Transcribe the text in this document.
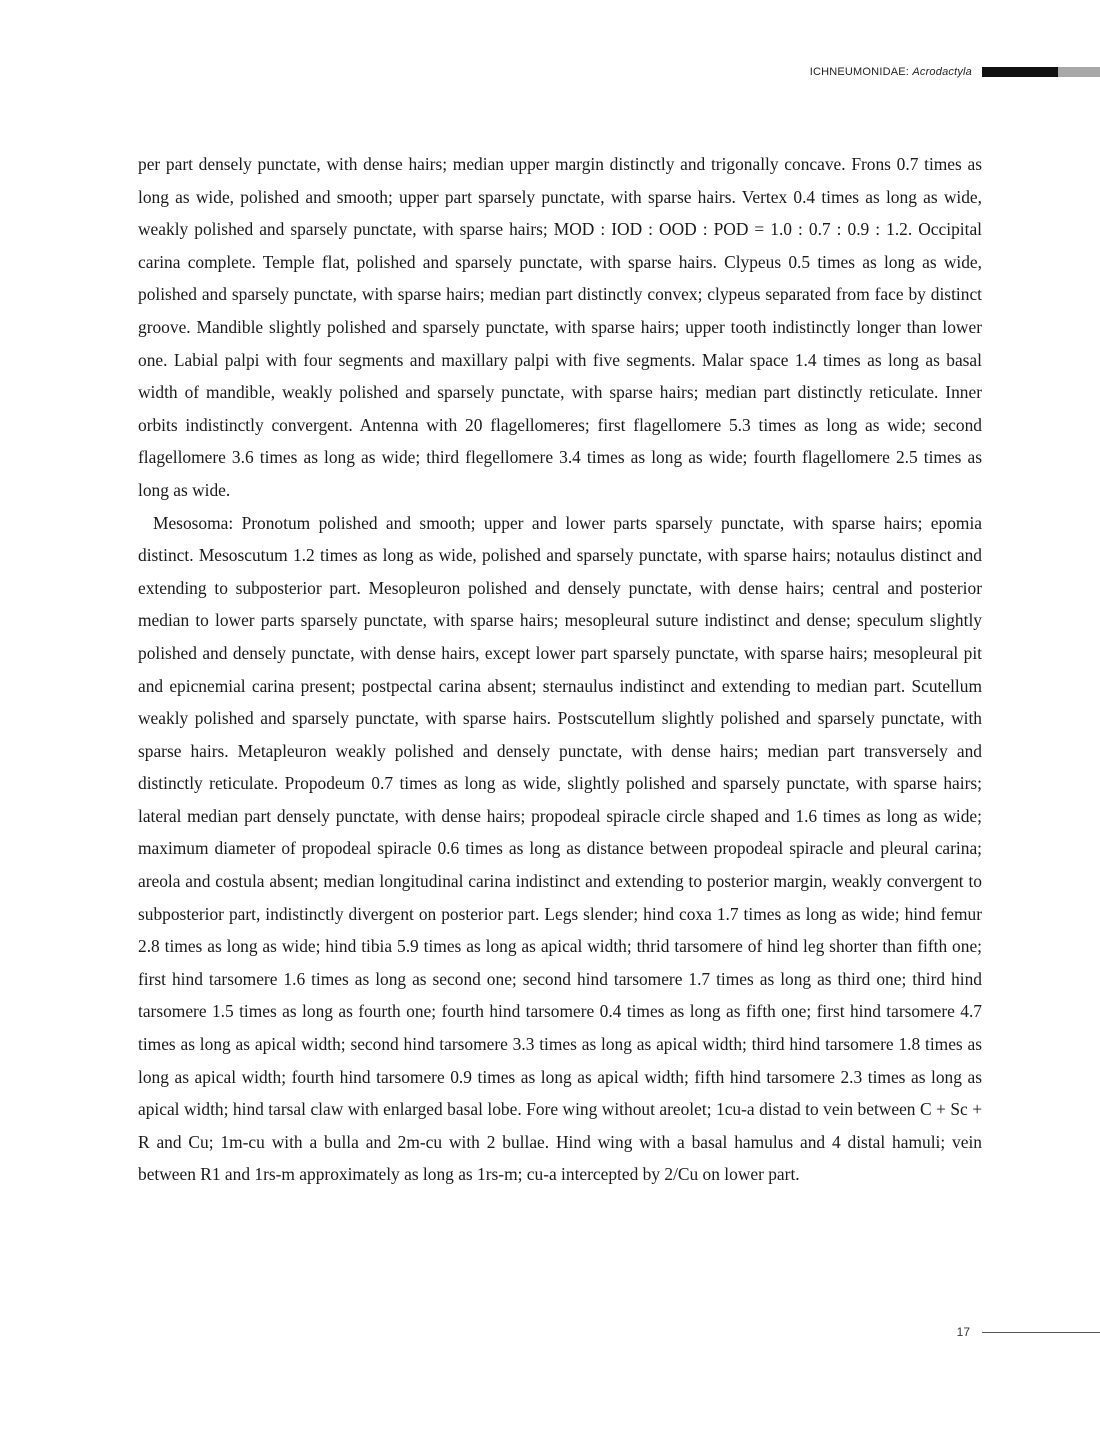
ICHNEUMONIDAE: Acrodactyla

per part densely punctate, with dense hairs; median upper margin distinctly and trigonally concave. Frons 0.7 times as long as wide, polished and smooth; upper part sparsely punctate, with sparse hairs. Vertex 0.4 times as long as wide, weakly polished and sparsely punctate, with sparse hairs; MOD : IOD : OOD : POD = 1.0 : 0.7 : 0.9 : 1.2. Occipital carina complete. Temple flat, polished and sparsely punctate, with sparse hairs. Clypeus 0.5 times as long as wide, polished and sparsely punctate, with sparse hairs; median part distinctly convex; clypeus separated from face by distinct groove. Mandible slightly polished and sparsely punctate, with sparse hairs; upper tooth indistinctly longer than lower one. Labial palpi with four segments and maxillary palpi with five segments. Malar space 1.4 times as long as basal width of mandible, weakly polished and sparsely punctate, with sparse hairs; median part distinctly reticulate. Inner orbits indistinctly convergent. Antenna with 20 flagellomeres; first flagellomere 5.3 times as long as wide; second flagellomere 3.6 times as long as wide; third flegellomere 3.4 times as long as wide; fourth flagellomere 2.5 times as long as wide.

Mesosoma: Pronotum polished and smooth; upper and lower parts sparsely punctate, with sparse hairs; epomia distinct. Mesoscutum 1.2 times as long as wide, polished and sparsely punctate, with sparse hairs; notaulus distinct and extending to subposterior part. Mesopleuron polished and densely punctate, with dense hairs; central and posterior median to lower parts sparsely punctate, with sparse hairs; mesopleural suture indistinct and dense; speculum slightly polished and densely punctate, with dense hairs, except lower part sparsely punctate, with sparse hairs; mesopleural pit and epicnemial carina present; postpectal carina absent; sternaulus indistinct and extending to median part. Scutellum weakly polished and sparsely punctate, with sparse hairs. Postscutellum slightly polished and sparsely punctate, with sparse hairs. Metapleuron weakly polished and densely punctate, with dense hairs; median part transversely and distinctly reticulate. Propodeum 0.7 times as long as wide, slightly polished and sparsely punctate, with sparse hairs; lateral median part densely punctate, with dense hairs; propodeal spiracle circle shaped and 1.6 times as long as wide; maximum diameter of propodeal spiracle 0.6 times as long as distance between propodeal spiracle and pleural carina; areola and costula absent; median longitudinal carina indistinct and extending to posterior margin, weakly convergent to subposterior part, indistinctly divergent on posterior part. Legs slender; hind coxa 1.7 times as long as wide; hind femur 2.8 times as long as wide; hind tibia 5.9 times as long as apical width; thrid tarsomere of hind leg shorter than fifth one; first hind tarsomere 1.6 times as long as second one; second hind tarsomere 1.7 times as long as third one; third hind tarsomere 1.5 times as long as fourth one; fourth hind tarsomere 0.4 times as long as fifth one; first hind tarsomere 4.7 times as long as apical width; second hind tarsomere 3.3 times as long as apical width; third hind tarsomere 1.8 times as long as apical width; fourth hind tarsomere 0.9 times as long as apical width; fifth hind tarsomere 2.3 times as long as apical width; hind tarsal claw with enlarged basal lobe. Fore wing without areolet; 1cu-a distad to vein between C + Sc + R and Cu; 1m-cu with a bulla and 2m-cu with 2 bullae. Hind wing with a basal hamulus and 4 distal hamuli; vein between R1 and 1rs-m approximately as long as 1rs-m; cu-a intercepted by 2/Cu on lower part.

17
